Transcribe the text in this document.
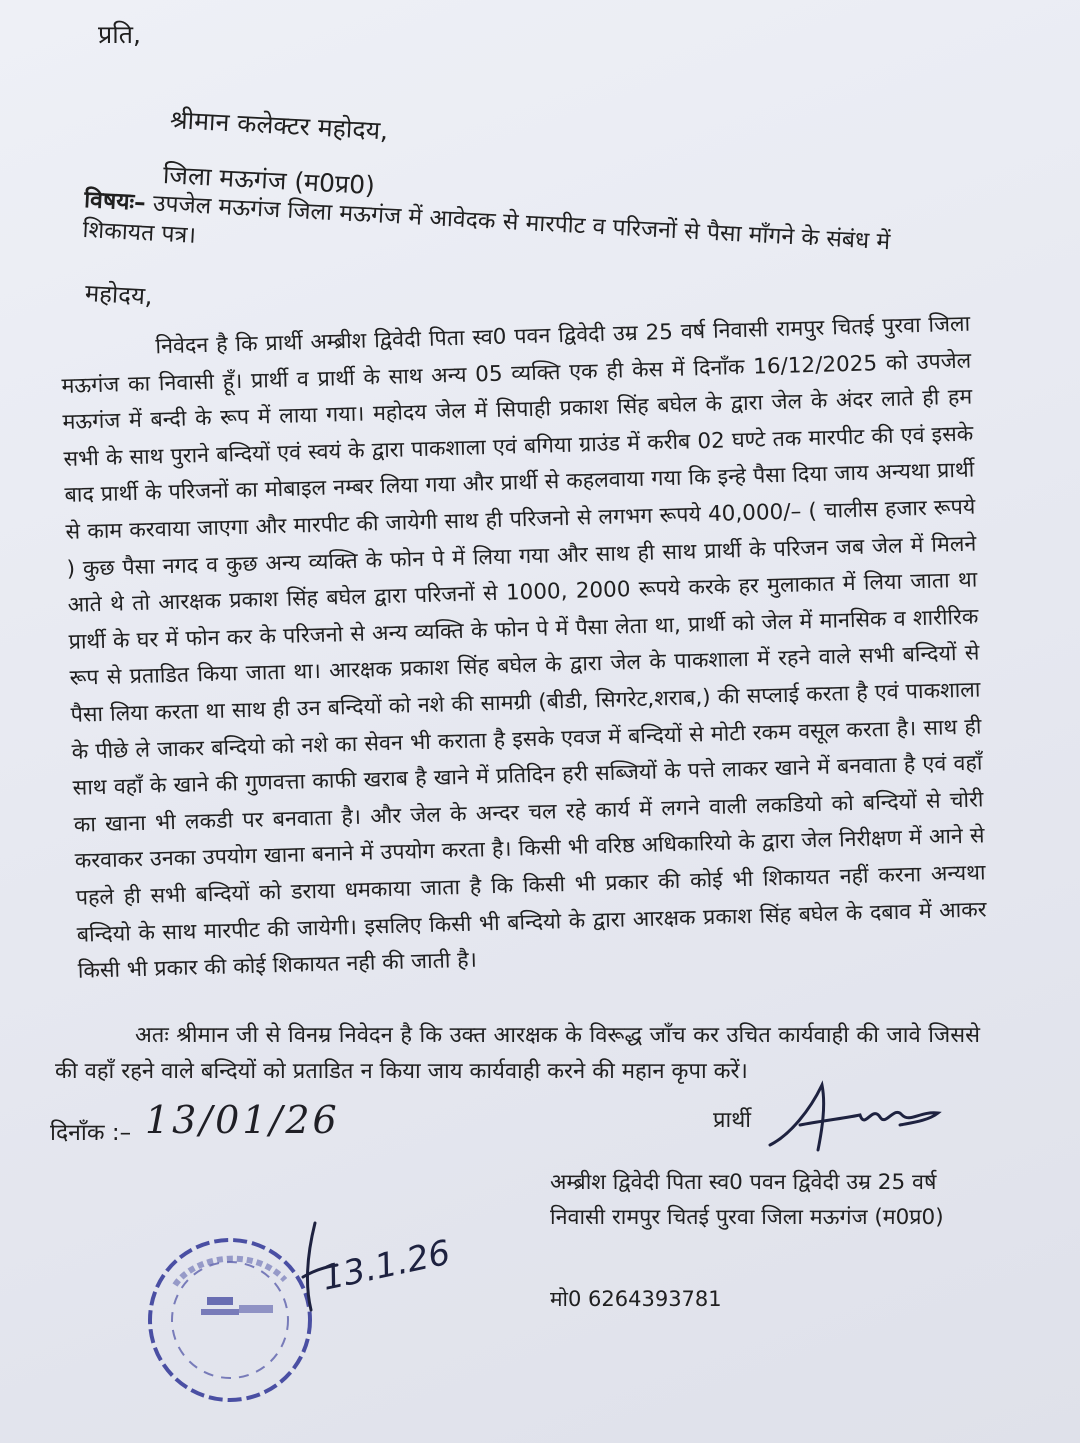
प्रति,
श्रीमान कलेक्टर महोदय,
जिला मऊगंज (म0प्र0)
विषयः– उपजेल मऊगंज जिला मऊगंज में आवेदक से मारपीट व परिजनों से पैसा मॉंगने के संबंध में शिकायत पत्र।
महोदय,

निवेदन है कि प्रार्थी अम्ब्रीश द्विवेदी पिता स्व0 पवन द्विवेदी उम्र 25 वर्ष निवासी रामपुर चितई पुरवा जिला मऊगंज का निवासी हूँ। प्रार्थी व प्रार्थी के साथ अन्य 05 व्यक्ति एक ही केस में दिनॉंक 16/12/2025 को उपजेल मऊगंज में बन्दी के रूप में लाया गया। महोदय जेल में सिपाही प्रकाश सिंह बघेल के द्वारा जेल के अंदर लाते ही हम सभी के साथ पुराने बन्दियों एवं स्वयं के द्वारा पाकशाला एवं बगिया ग्राउंड में करीब 02 घण्टे तक मारपीट की एवं इसके बाद प्रार्थी के परिजनों का मोबाइल नम्बर लिया गया और प्रार्थी से कहलवाया गया कि इन्हे पैसा दिया जाय अन्यथा प्रार्थी से काम करवाया जाएगा और मारपीट की जायेगी साथ ही परिजनो से लगभग रूपये 40,000/– ( चालीस हजार रूपये ) कुछ पैसा नगद व कुछ अन्य व्यक्ति के फोन पे में लिया गया और साथ ही साथ प्रार्थी के परिजन जब जेल में मिलने आते थे तो आरक्षक प्रकाश सिंह बघेल द्वारा परिजनों से 1000, 2000 रूपये करके हर मुलाकात में लिया जाता था प्रार्थी के घर में फोन कर के परिजनो से अन्य व्यक्ति के फोन पे में पैसा लेता था, प्रार्थी को जेल में मानसिक व शारीरिक रूप से प्रताडित किया जाता था। आरक्षक प्रकाश सिंह बघेल के द्वारा जेल के पाकशाला में रहने वाले सभी बन्दियों से पैसा लिया करता था साथ ही उन बन्दियों को नशे की सामग्री (बीडी, सिगरेट,शराब,) की सप्लाई करता है एवं पाकशाला के पीछे ले जाकर बन्दियो को नशे का सेवन भी कराता है इसके एवज में बन्दियों से मोटी रकम वसूल करता है। साथ ही साथ वहॉं के खाने की गुणवत्ता काफी खराब है खाने में प्रतिदिन हरी सब्जियों के पत्ते लाकर खाने में बनवाता है एवं वहॉं का खाना भी लकडी पर बनवाता है। और जेल के अन्दर चल रहे कार्य में लगने वाली लकडियो को बन्दियों से चोरी करवाकर उनका उपयोग खाना बनाने में उपयोग करता है। किसी भी वरिष्ठ अधिकारियो के द्वारा जेल निरीक्षण में आने से पहले ही सभी बन्दियों को डराया धमकाया जाता है कि किसी भी प्रकार की कोई भी शिकायत नहीं करना अन्यथा बन्दियो के साथ मारपीट की जायेगी। इसलिए किसी भी बन्दियो के द्वारा आरक्षक प्रकाश सिंह बघेल के दबाव में आकर किसी भी प्रकार की कोई शिकायत नही की जाती है।

अतः श्रीमान जी से विनम्र निवेदन है कि उक्त आरक्षक के विरूद्ध जॉंच कर उचित कार्यवाही की जावे जिससे की वहॉं रहने वाले बन्दियों को प्रताडित न किया जाय कार्यवाही करने की महान कृपा करें।
दिनॉंक :– 13/01/26	प्रार्थी
अम्ब्रीश द्विवेदी पिता स्व0 पवन द्विवेदी उम्र 25 वर्ष निवासी रामपुर चितई पुरवा जिला मऊगंज (म0प्र0)
मो0 6264393781
13.1.26
